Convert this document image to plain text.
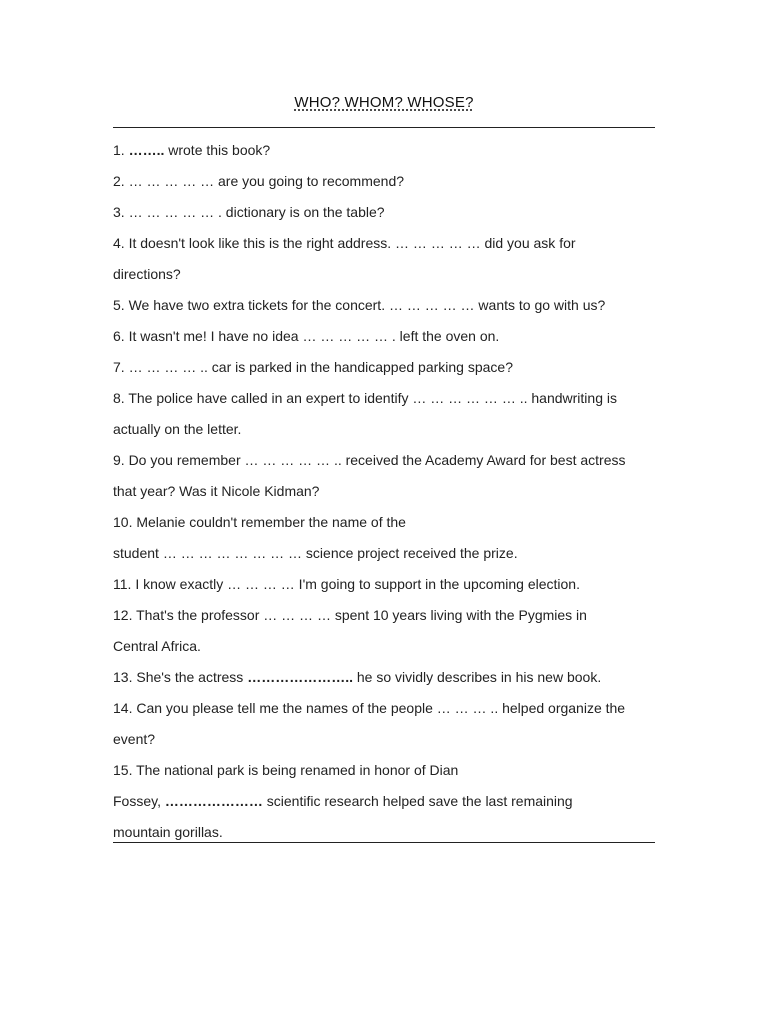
WHO? WHOM? WHOSE?
1. …….. wrote this book?
2. … … … … … are you going to recommend?
3. … … … … … . dictionary is on the table?
4. It doesn't look like this is the right address. … … … … … did you ask for
directions?
5. We have two extra tickets for the concert. … … … … … wants to go with us?
6. It wasn't me! I have no idea … … … … … . left the oven on.
7. … … … … .. car is parked in the handicapped parking space?
8. The police have called in an expert to identify … … … … … … .. handwriting is
actually on the letter.
9. Do you remember … … … … … .. received the Academy Award for best actress
that year? Was it Nicole Kidman?
10. Melanie couldn't remember the name of the
student … … … … … … … … science project received the prize.
11. I know exactly … … … … I'm going to support in the upcoming election.
12. That's the professor … … … … spent 10 years living with the Pygmies in
Central Africa.
13. She's the actress ………………….. he so vividly describes in his new book.
14. Can you please tell me the names of the people … … … .. helped organize the
event?
15. The national park is being renamed in honor of Dian
Fossey, ………………… scientific research helped save the last remaining
mountain gorillas.
